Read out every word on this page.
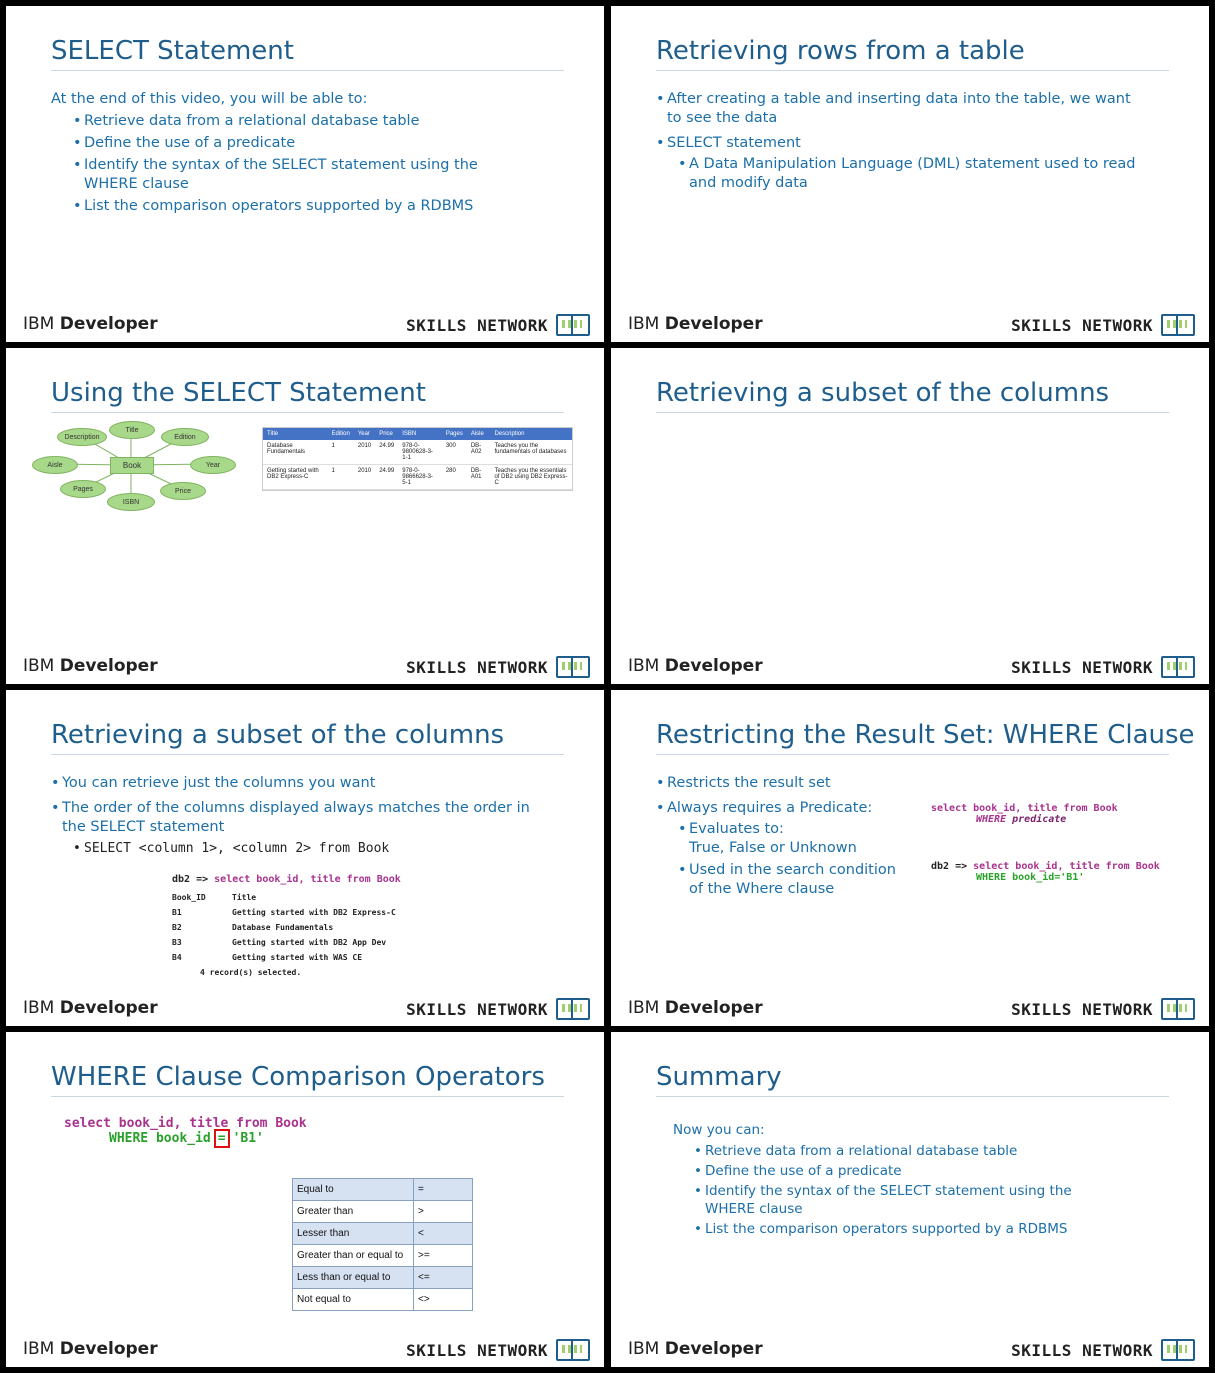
SELECT Statement
At the end of this video, you will be able to:
• Retrieve data from a relational database table
• Define the use of a predicate
• Identify the syntax of the SELECT statement using the WHERE clause
• List the comparison operators supported by a RDBMS
IBM Developer	SKILLS NETWORK
Retrieving rows from a table
• After creating a table and inserting data into the table, we want to see the data
• SELECT statement
• A Data Manipulation Language (DML) statement used to read and modify data
IBM Developer	SKILLS NETWORK
Using the SELECT Statement
Title
Description	Edition
Aisle	Book	Year
Pages	Price
ISBN
Title	Edition	Year	Price	ISBN	Pages	Aisle	Description
Database Fundamentals	1	2010	24.99	978-0-9800628-3-1-1	300	DB-A02	Teaches you the fundamentals of databases
Getting started with DB2 Express-C	1	2010	24.99	978-0-9866628-3-5-1	280	DB-A01	Teaches you the essentials of DB2 using DB2 Express-C
IBM Developer	SKILLS NETWORK
Retrieving a subset of the columns
IBM Developer	SKILLS NETWORK
Retrieving a subset of the columns
• You can retrieve just the columns you want
• The order of the columns displayed always matches the order in the SELECT statement
• SELECT <column 1>, <column 2> from Book
db2 => select book_id, title from Book
Book_ID	Title
B1	Getting started with DB2 Express-C
B2	Database Fundamentals
B3	Getting started with DB2 App Dev
B4	Getting started with WAS CE
4 record(s) selected.
IBM Developer	SKILLS NETWORK
Restricting the Result Set: WHERE Clause
• Restricts the result set
• Always requires a Predicate:
• Evaluates to:
True, False or Unknown
• Used in the search condition
of the Where clause
select book_id, title from Book
WHERE predicate
db2 => select book_id, title from Book
WHERE book_id='B1'
IBM Developer	SKILLS NETWORK
WHERE Clause Comparison Operators
select book_id, title from Book
WHERE book_id = 'B1'
Equal to	=
Greater than	>
Lesser than	<
Greater than or equal to	>=
Less than or equal to	<=
Not equal to	<>
IBM Developer	SKILLS NETWORK
Summary
Now you can:
• Retrieve data from a relational database table
• Define the use of a predicate
• Identify the syntax of the SELECT statement using the WHERE clause
• List the comparison operators supported by a RDBMS
IBM Developer	SKILLS NETWORK
